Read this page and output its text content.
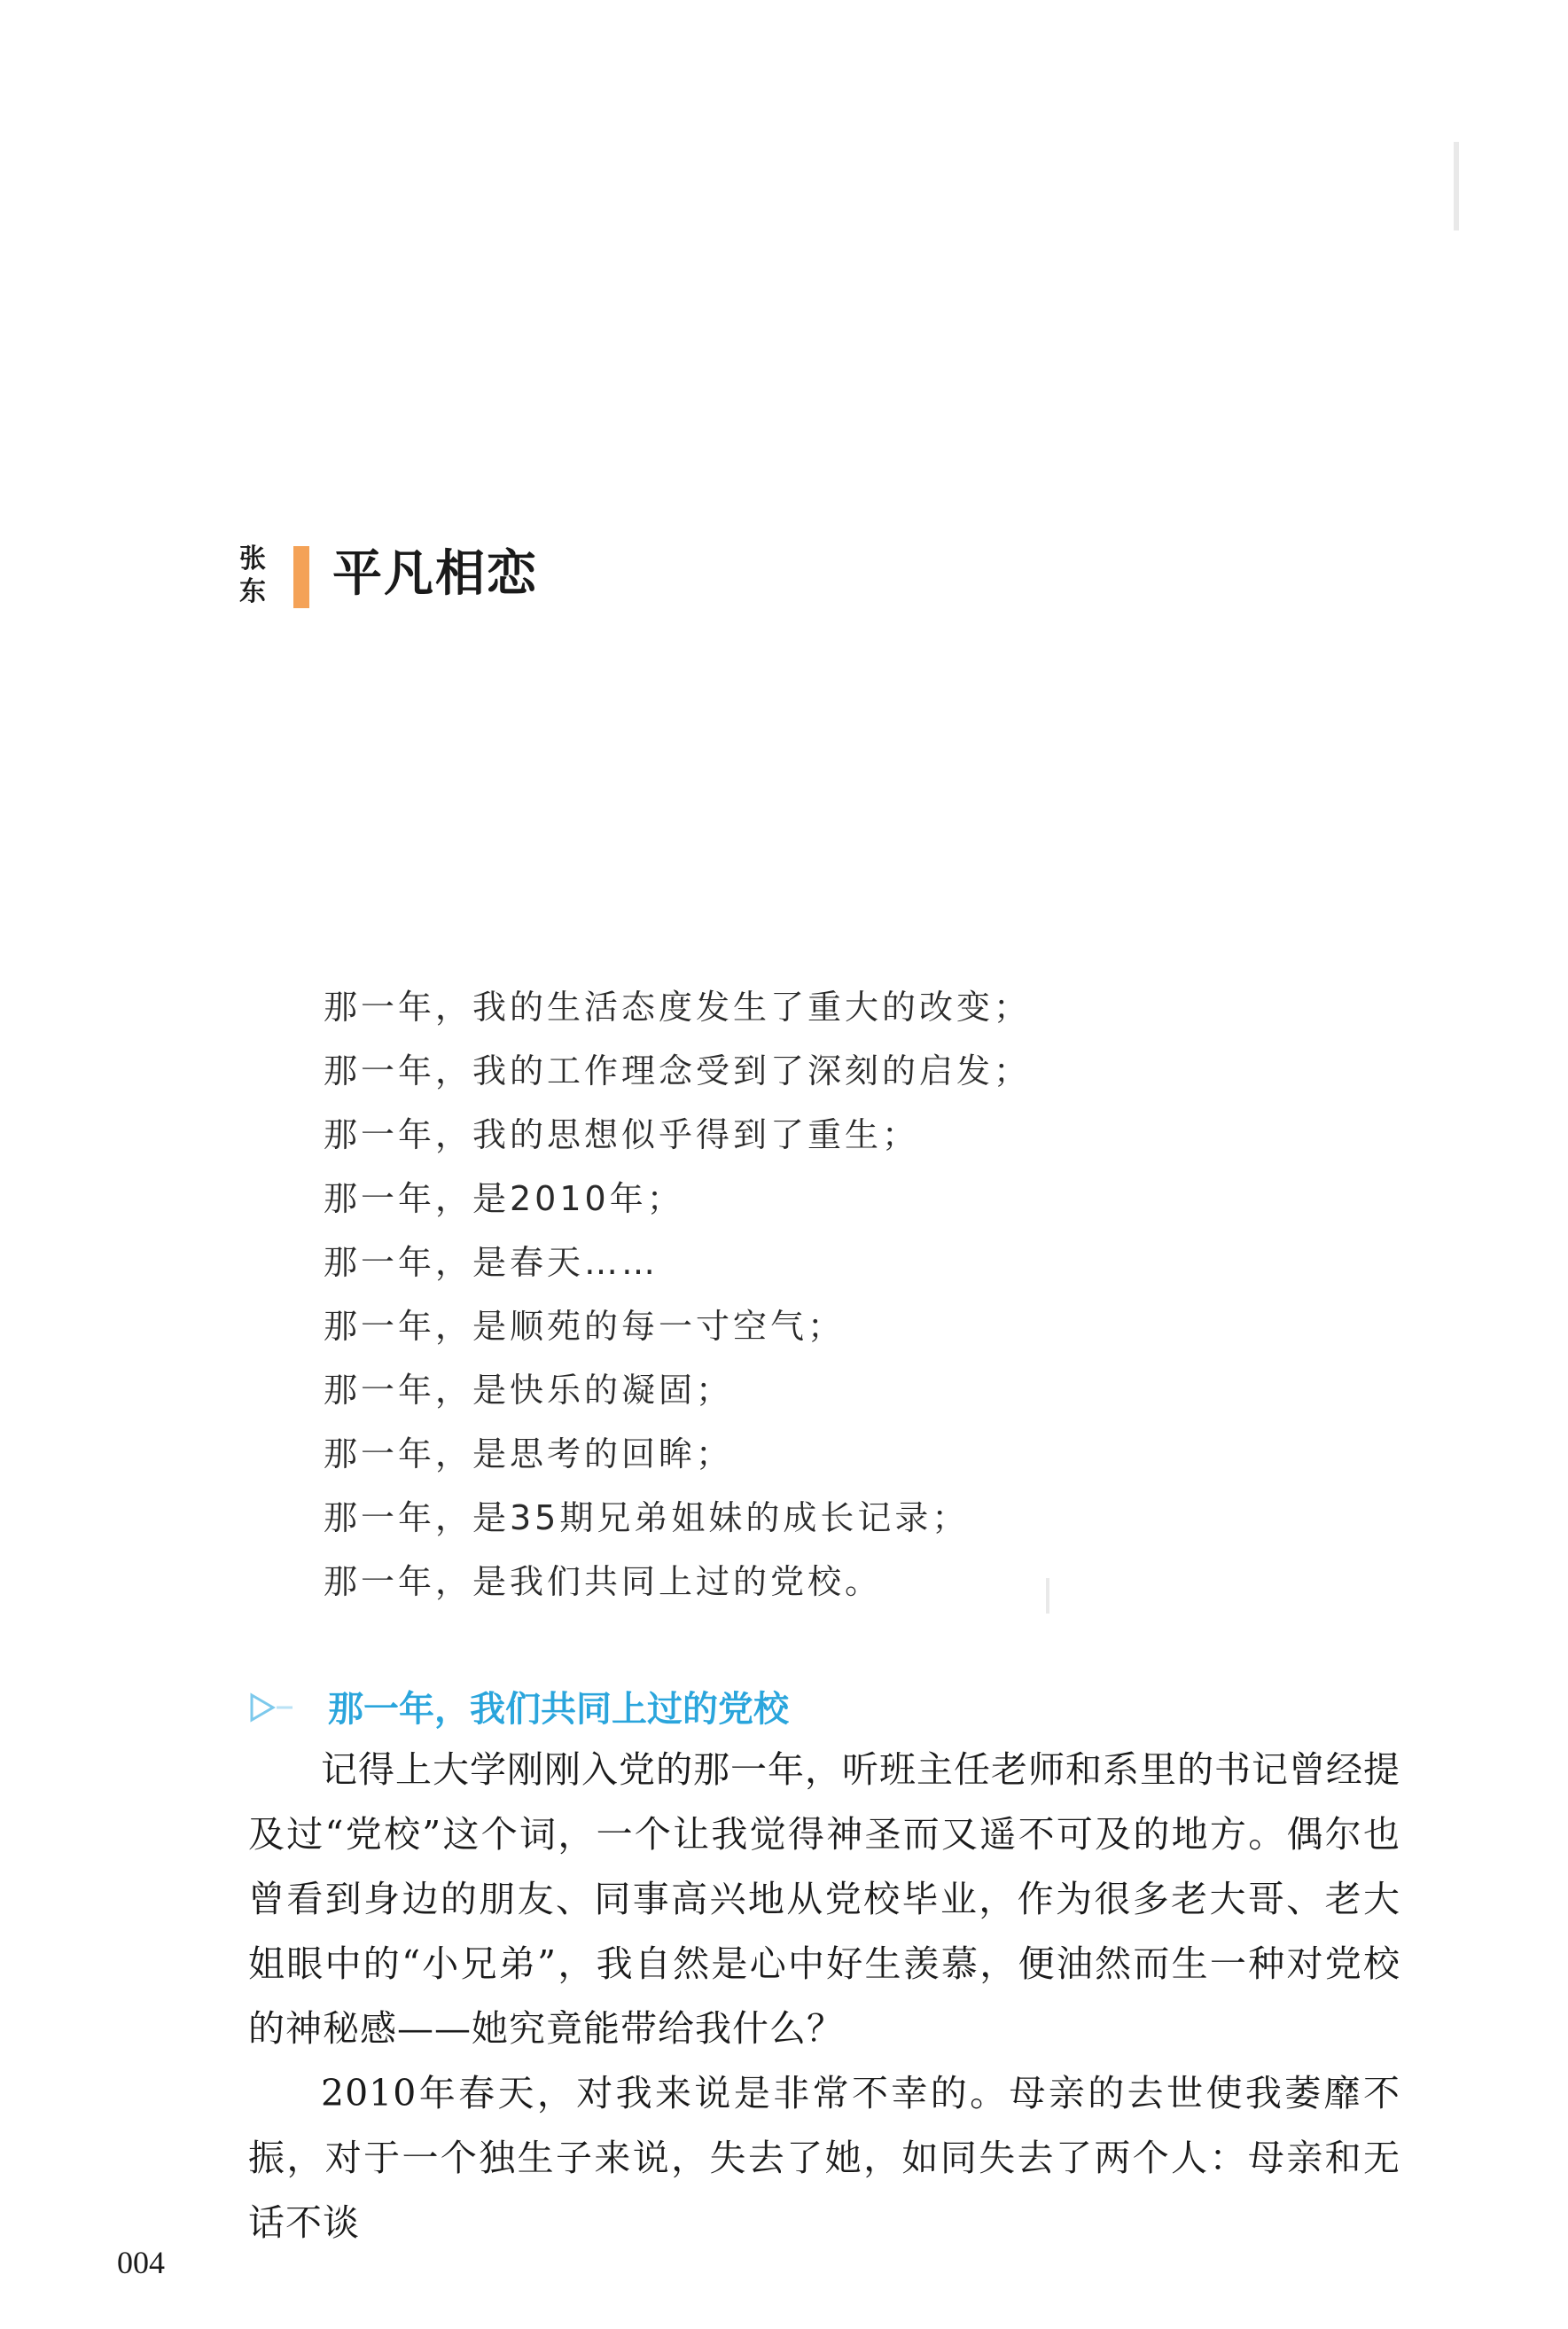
张东 平凡相恋
那一年，我的生活态度发生了重大的改变；
那一年，我的工作理念受到了深刻的启发；
那一年，我的思想似乎得到了重生；
那一年，是2010年；
那一年，是春天……
那一年，是顺苑的每一寸空气；
那一年，是快乐的凝固；
那一年，是思考的回眸；
那一年，是35期兄弟姐妹的成长记录；
那一年，是我们共同上过的党校。
那一年，我们共同上过的党校

记得上大学刚刚入党的那一年，听班主任老师和系里的书记曾经提及过“党校”这个词，一个让我觉得神圣而又遥不可及的地方。偶尔也曾看到身边的朋友、同事高兴地从党校毕业，作为很多老大哥、老大姐眼中的“小兄弟”，我自然是心中好生羡慕，便油然而生一种对党校的神秘感——她究竟能带给我什么？

2010年春天，对我来说是非常不幸的。母亲的去世使我萎靡不振，对于一个独生子来说，失去了她，如同失去了两个人：母亲和无话不谈

004
